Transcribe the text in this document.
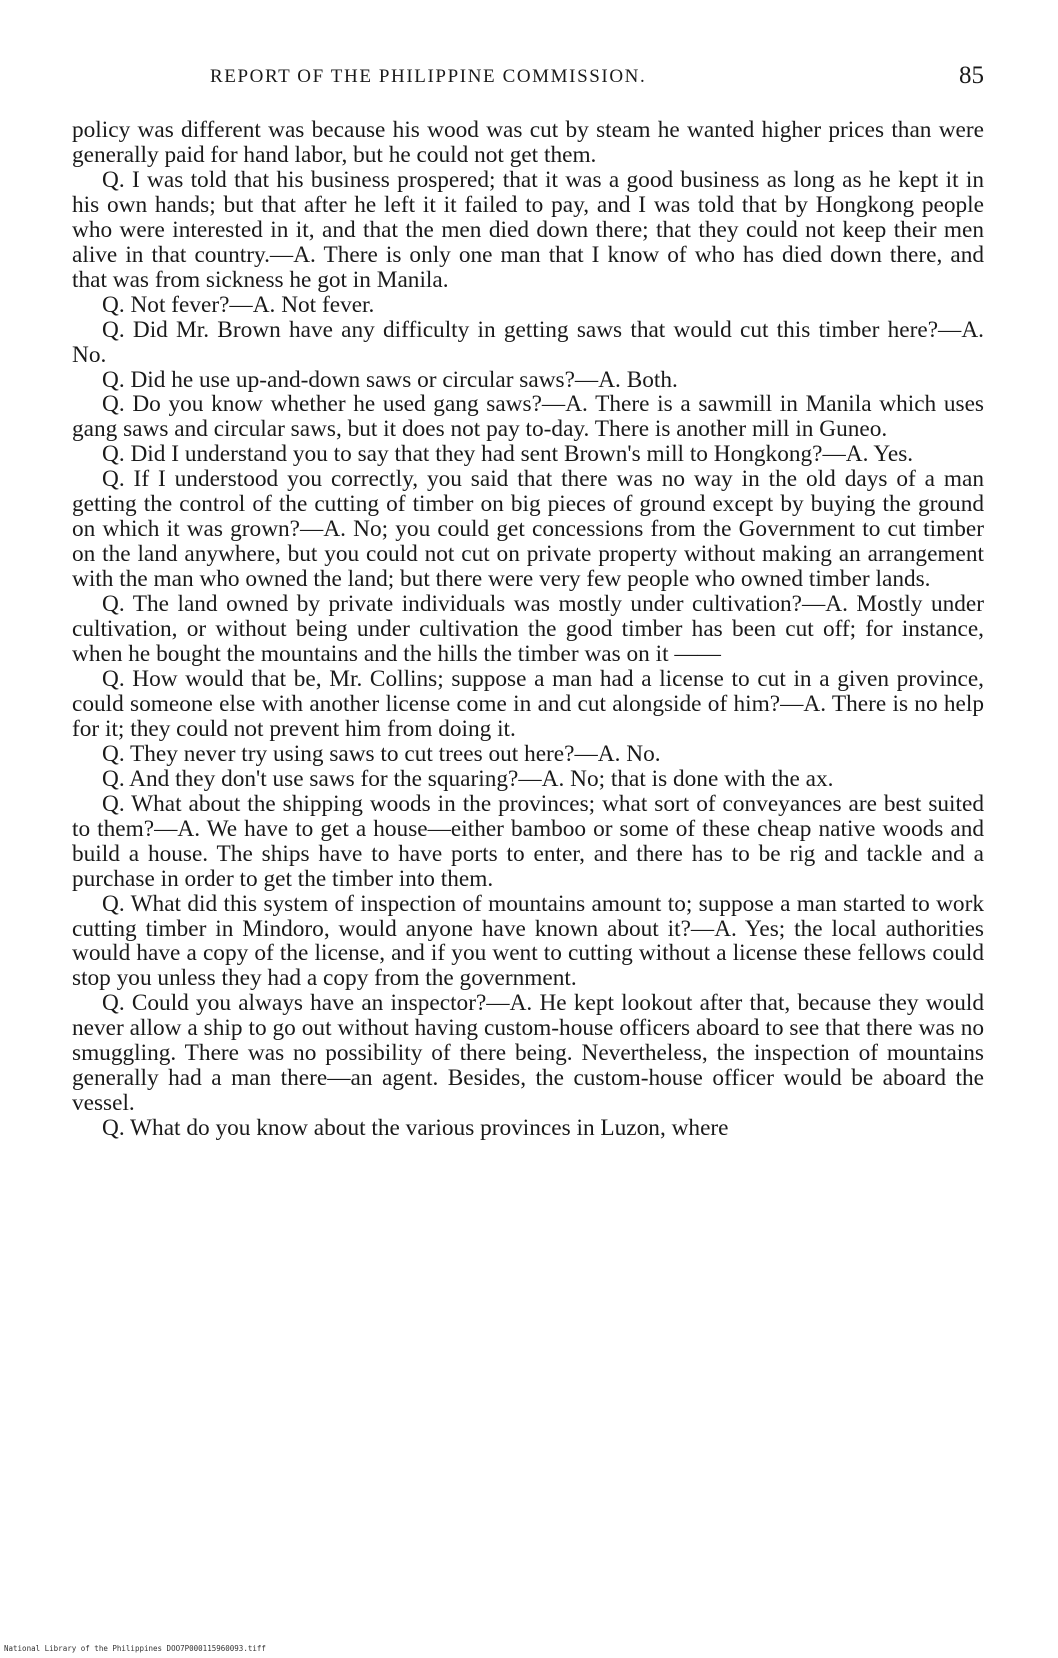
REPORT OF THE PHILIPPINE COMMISSION.	85

policy was different was because his wood was cut by steam he wanted higher prices than were generally paid for hand labor, but he could not get them.

Q. I was told that his business prospered; that it was a good business as long as he kept it in his own hands; but that after he left it it failed to pay, and I was told that by Hongkong people who were interested in it, and that the men died down there; that they could not keep their men alive in that country.—A. There is only one man that I know of who has died down there, and that was from sickness he got in Manila.

Q. Not fever?—A. Not fever.

Q. Did Mr. Brown have any difficulty in getting saws that would cut this timber here?—A. No.

Q. Did he use up-and-down saws or circular saws?—A. Both.

Q. Do you know whether he used gang saws?—A. There is a sawmill in Manila which uses gang saws and circular saws, but it does not pay to-day. There is another mill in Guneo.

Q. Did I understand you to say that they had sent Brown's mill to Hongkong?—A. Yes.

Q. If I understood you correctly, you said that there was no way in the old days of a man getting the control of the cutting of timber on big pieces of ground except by buying the ground on which it was grown?—A. No; you could get concessions from the Government to cut timber on the land anywhere, but you could not cut on private property without making an arrangement with the man who owned the land; but there were very few people who owned timber lands.

Q. The land owned by private individuals was mostly under cultivation?—A. Mostly under cultivation, or without being under cultivation the good timber has been cut off; for instance, when he bought the mountains and the hills the timber was on it ——

Q. How would that be, Mr. Collins; suppose a man had a license to cut in a given province, could someone else with another license come in and cut alongside of him?—A. There is no help for it; they could not prevent him from doing it.

Q. They never try using saws to cut trees out here?—A. No.

Q. And they don't use saws for the squaring?—A. No; that is done with the ax.

Q. What about the shipping woods in the provinces; what sort of conveyances are best suited to them?—A. We have to get a house—either bamboo or some of these cheap native woods and build a house. The ships have to have ports to enter, and there has to be rig and tackle and a purchase in order to get the timber into them.

Q. What did this system of inspection of mountains amount to; suppose a man started to work cutting timber in Mindoro, would anyone have known about it?—A. Yes; the local authorities would have a copy of the license, and if you went to cutting without a license these fellows could stop you unless they had a copy from the government.

Q. Could you always have an inspector?—A. He kept lookout after that, because they would never allow a ship to go out without having custom-house officers aboard to see that there was no smuggling. There was no possibility of there being. Nevertheless, the inspection of mountains generally had a man there—an agent. Besides, the custom-house officer would be aboard the vessel.

Q. What do you know about the various provinces in Luzon, where

National Library of the Philippines DOO7P000115960093.tiff
